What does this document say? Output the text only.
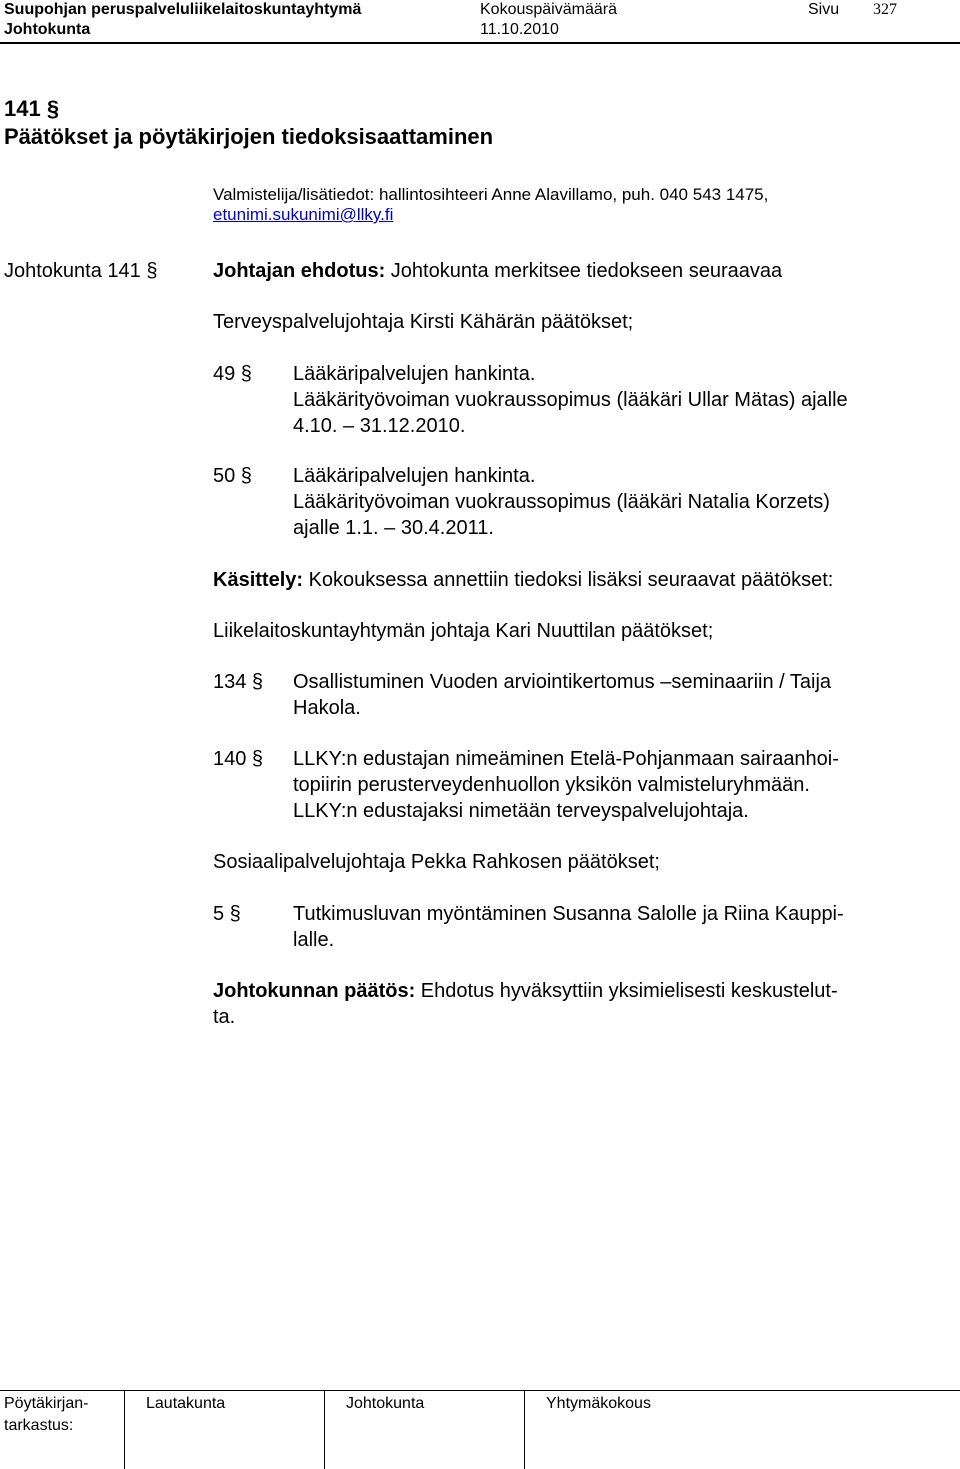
Suupohjan peruspalveluliikelaitoskuntayhtymä	Kokouspäivämäärä	Sivu 327
Johtokunta	11.10.2010
141 §
Päätökset ja pöytäkirjojen tiedoksisaattaminen
Valmistelija/lisätiedot: hallintosihteeri Anne Alavillamo, puh. 040 543 1475,
etunimi.sukunimi@llky.fi
Johtokunta 141 §	Johtajan ehdotus: Johtokunta merkitsee tiedokseen seuraavaa
Terveyspalvelujohtaja Kirsti Kähärän päätökset;
49 § Lääkäripalvelujen hankinta.
Lääkärityövoiman vuokraussopimus (lääkäri Ullar Mätas) ajalle
4.10. – 31.12.2010.
50 § Lääkäripalvelujen hankinta.
Lääkärityövoiman vuokraussopimus (lääkäri Natalia Korzets)
ajalle 1.1. – 30.4.2011.
Käsittely: Kokouksessa annettiin tiedoksi lisäksi seuraavat päätökset:
Liikelaitoskuntayhtymän johtaja Kari Nuuttilan päätökset;
134 § Osallistuminen Vuoden arviointikertomus –seminaariin / Taija
Hakola.
140 § LLKY:n edustajan nimeäminen Etelä-Pohjanmaan sairaanhoi-
topiirin perusterveydenhuollon yksikön valmisteluryhmään.
LLKY:n edustajaksi nimetään terveyspalvelujohtaja.
Sosiaalipalvelujohtaja Pekka Rahkosen päätökset;
5 §	Tutkimusluvan myöntäminen Susanna Salolle ja Riina Kauppi-
lalle.
Johtokunnan päätös: Ehdotus hyväksyttiin yksimielisesti keskustelut-
ta.
Pöytäkirjan-
tarkastus:
Lautakunta	Johtokunta	Yhtymäkokous
